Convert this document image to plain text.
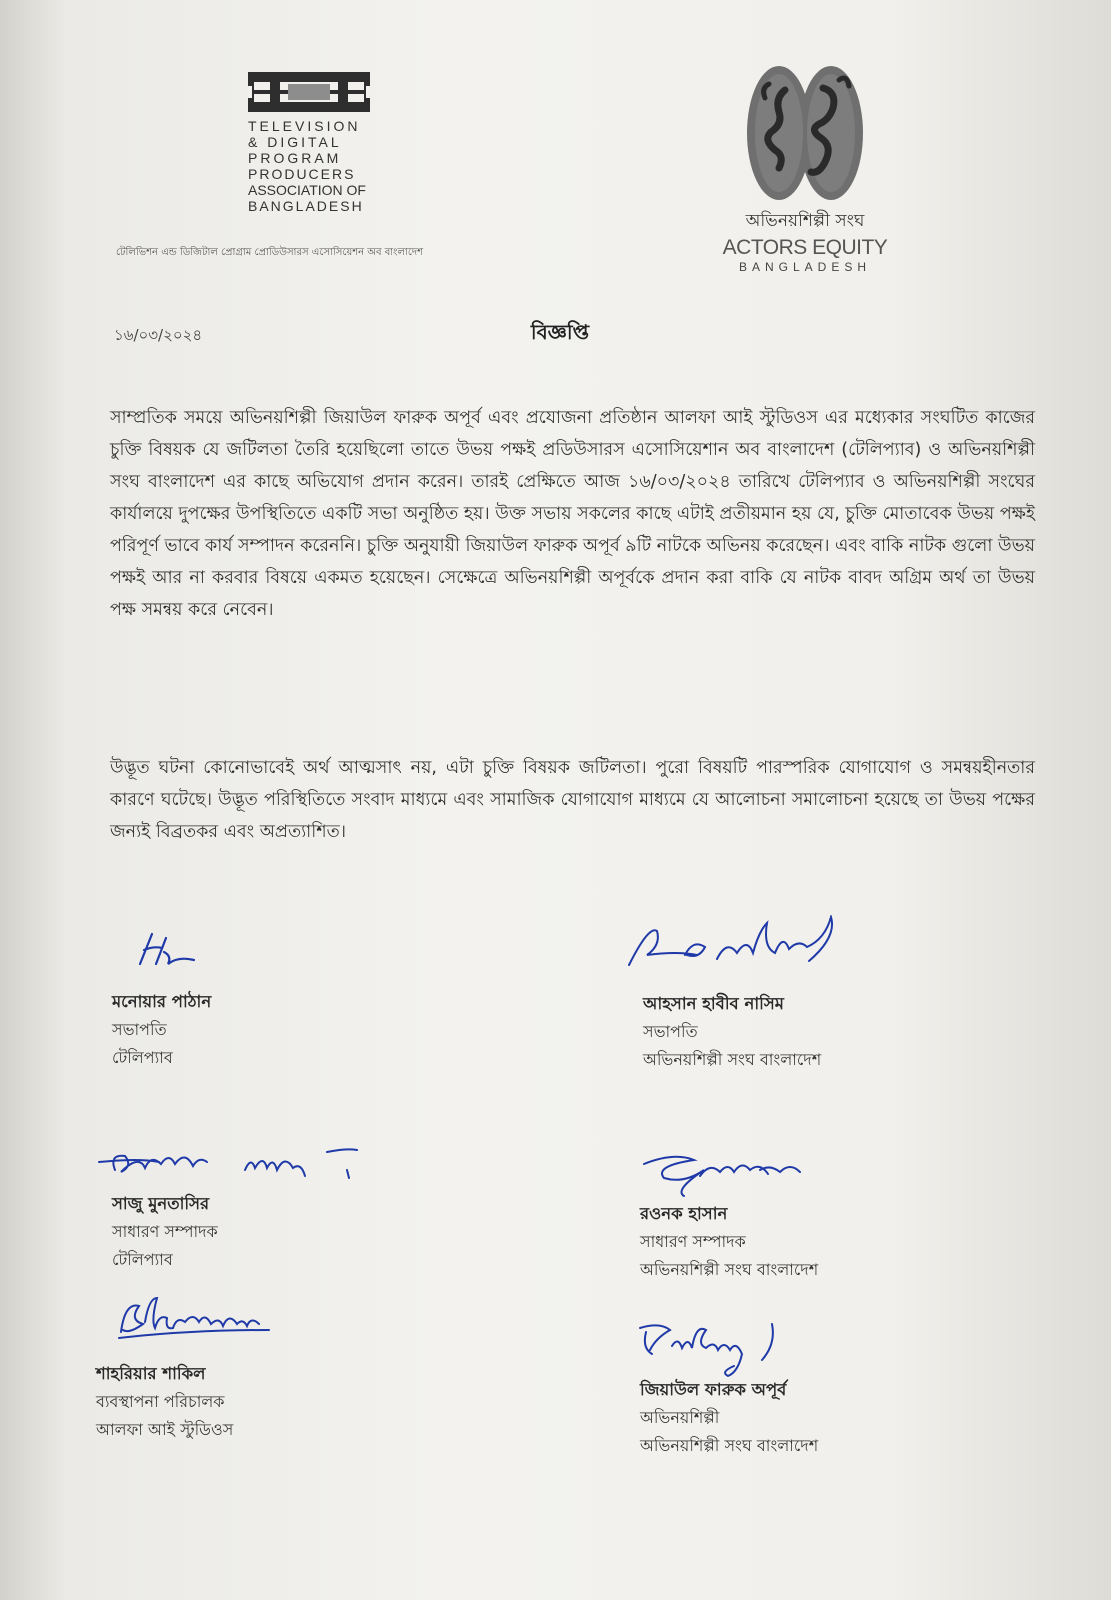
TELEVISION
& DIGITAL
PROGRAM
PRODUCERS
ASSOCIATION OF
BANGLADESH
টেলিভিশন এন্ড ডিজিটাল প্রোগ্রাম প্রোডিউসারস এসোসিয়েশন অব বাংলাদেশ
অভিনয়শিল্পী সংঘ
ACTORS EQUITY
BANGLADESH
১৬/০৩/২০২৪	বিজ্ঞপ্তি

সাম্প্রতিক সময়ে অভিনয়শিল্পী জিয়াউল ফারুক অপূর্ব এবং প্রযোজনা প্রতিষ্ঠান আলফা আই স্টুডিওস এর মধ্যেকার সংঘটিত কাজের চুক্তি বিষয়ক যে জটিলতা তৈরি হয়েছিলো তাতে উভয় পক্ষই প্রডিউসারস এসোসিয়েশান অব বাংলাদেশ (টেলিপ্যাব) ও অভিনয়শিল্পী সংঘ বাংলাদেশ এর কাছে অভিযোগ প্রদান করেন। তারই প্রেক্ষিতে আজ ১৬/০৩/২০২৪ তারিখে টেলিপ্যাব ও অভিনয়শিল্পী সংঘের কার্যালয়ে দুপক্ষের উপস্থিতিতে একটি সভা অনুষ্ঠিত হয়। উক্ত সভায় সকলের কাছে এটাই প্রতীয়মান হয় যে, চুক্তি মোতাবেক উভয় পক্ষই পরিপূর্ণ ভাবে কার্য সম্পাদন করেননি। চুক্তি অনুযায়ী জিয়াউল ফারুক অপূর্ব ৯টি নাটকে অভিনয় করেছেন। এবং বাকি নাটক গুলো উভয় পক্ষই আর না করবার বিষয়ে একমত হয়েছেন। সেক্ষেত্রে অভিনয়শিল্পী অপূর্বকে প্রদান করা বাকি যে নাটক বাবদ অগ্রিম অর্থ তা উভয় পক্ষ সমন্বয় করে নেবেন।

উদ্ভূত ঘটনা কোনোভাবেই অর্থ আত্মসাৎ নয়, এটা চুক্তি বিষয়ক জটিলতা। পুরো বিষয়টি পারস্পরিক যোগাযোগ ও সমন্বয়হীনতার কারণে ঘটেছে। উদ্ভূত পরিস্থিতিতে সংবাদ মাধ্যমে এবং সামাজিক যোগাযোগ মাধ্যমে যে আলোচনা সমালোচনা হয়েছে তা উভয় পক্ষের জন্যই বিব্রতকর এবং অপ্রত্যাশিত।

মনোয়ার পাঠান
সভাপতি
টেলিপ্যাব
আহসান হাবীব নাসিম
সভাপতি
অভিনয়শিল্পী সংঘ বাংলাদেশ
সাজু মুনতাসির
সাধারণ সম্পাদক
টেলিপ্যাব
রওনক হাসান
সাধারণ সম্পাদক
অভিনয়শিল্পী সংঘ বাংলাদেশ
শাহরিয়ার শাকিল
ব্যবস্থাপনা পরিচালক
আলফা আই স্টুডিওস
জিয়াউল ফারুক অপূর্ব
অভিনয়শিল্পী
অভিনয়শিল্পী সংঘ বাংলাদেশ
